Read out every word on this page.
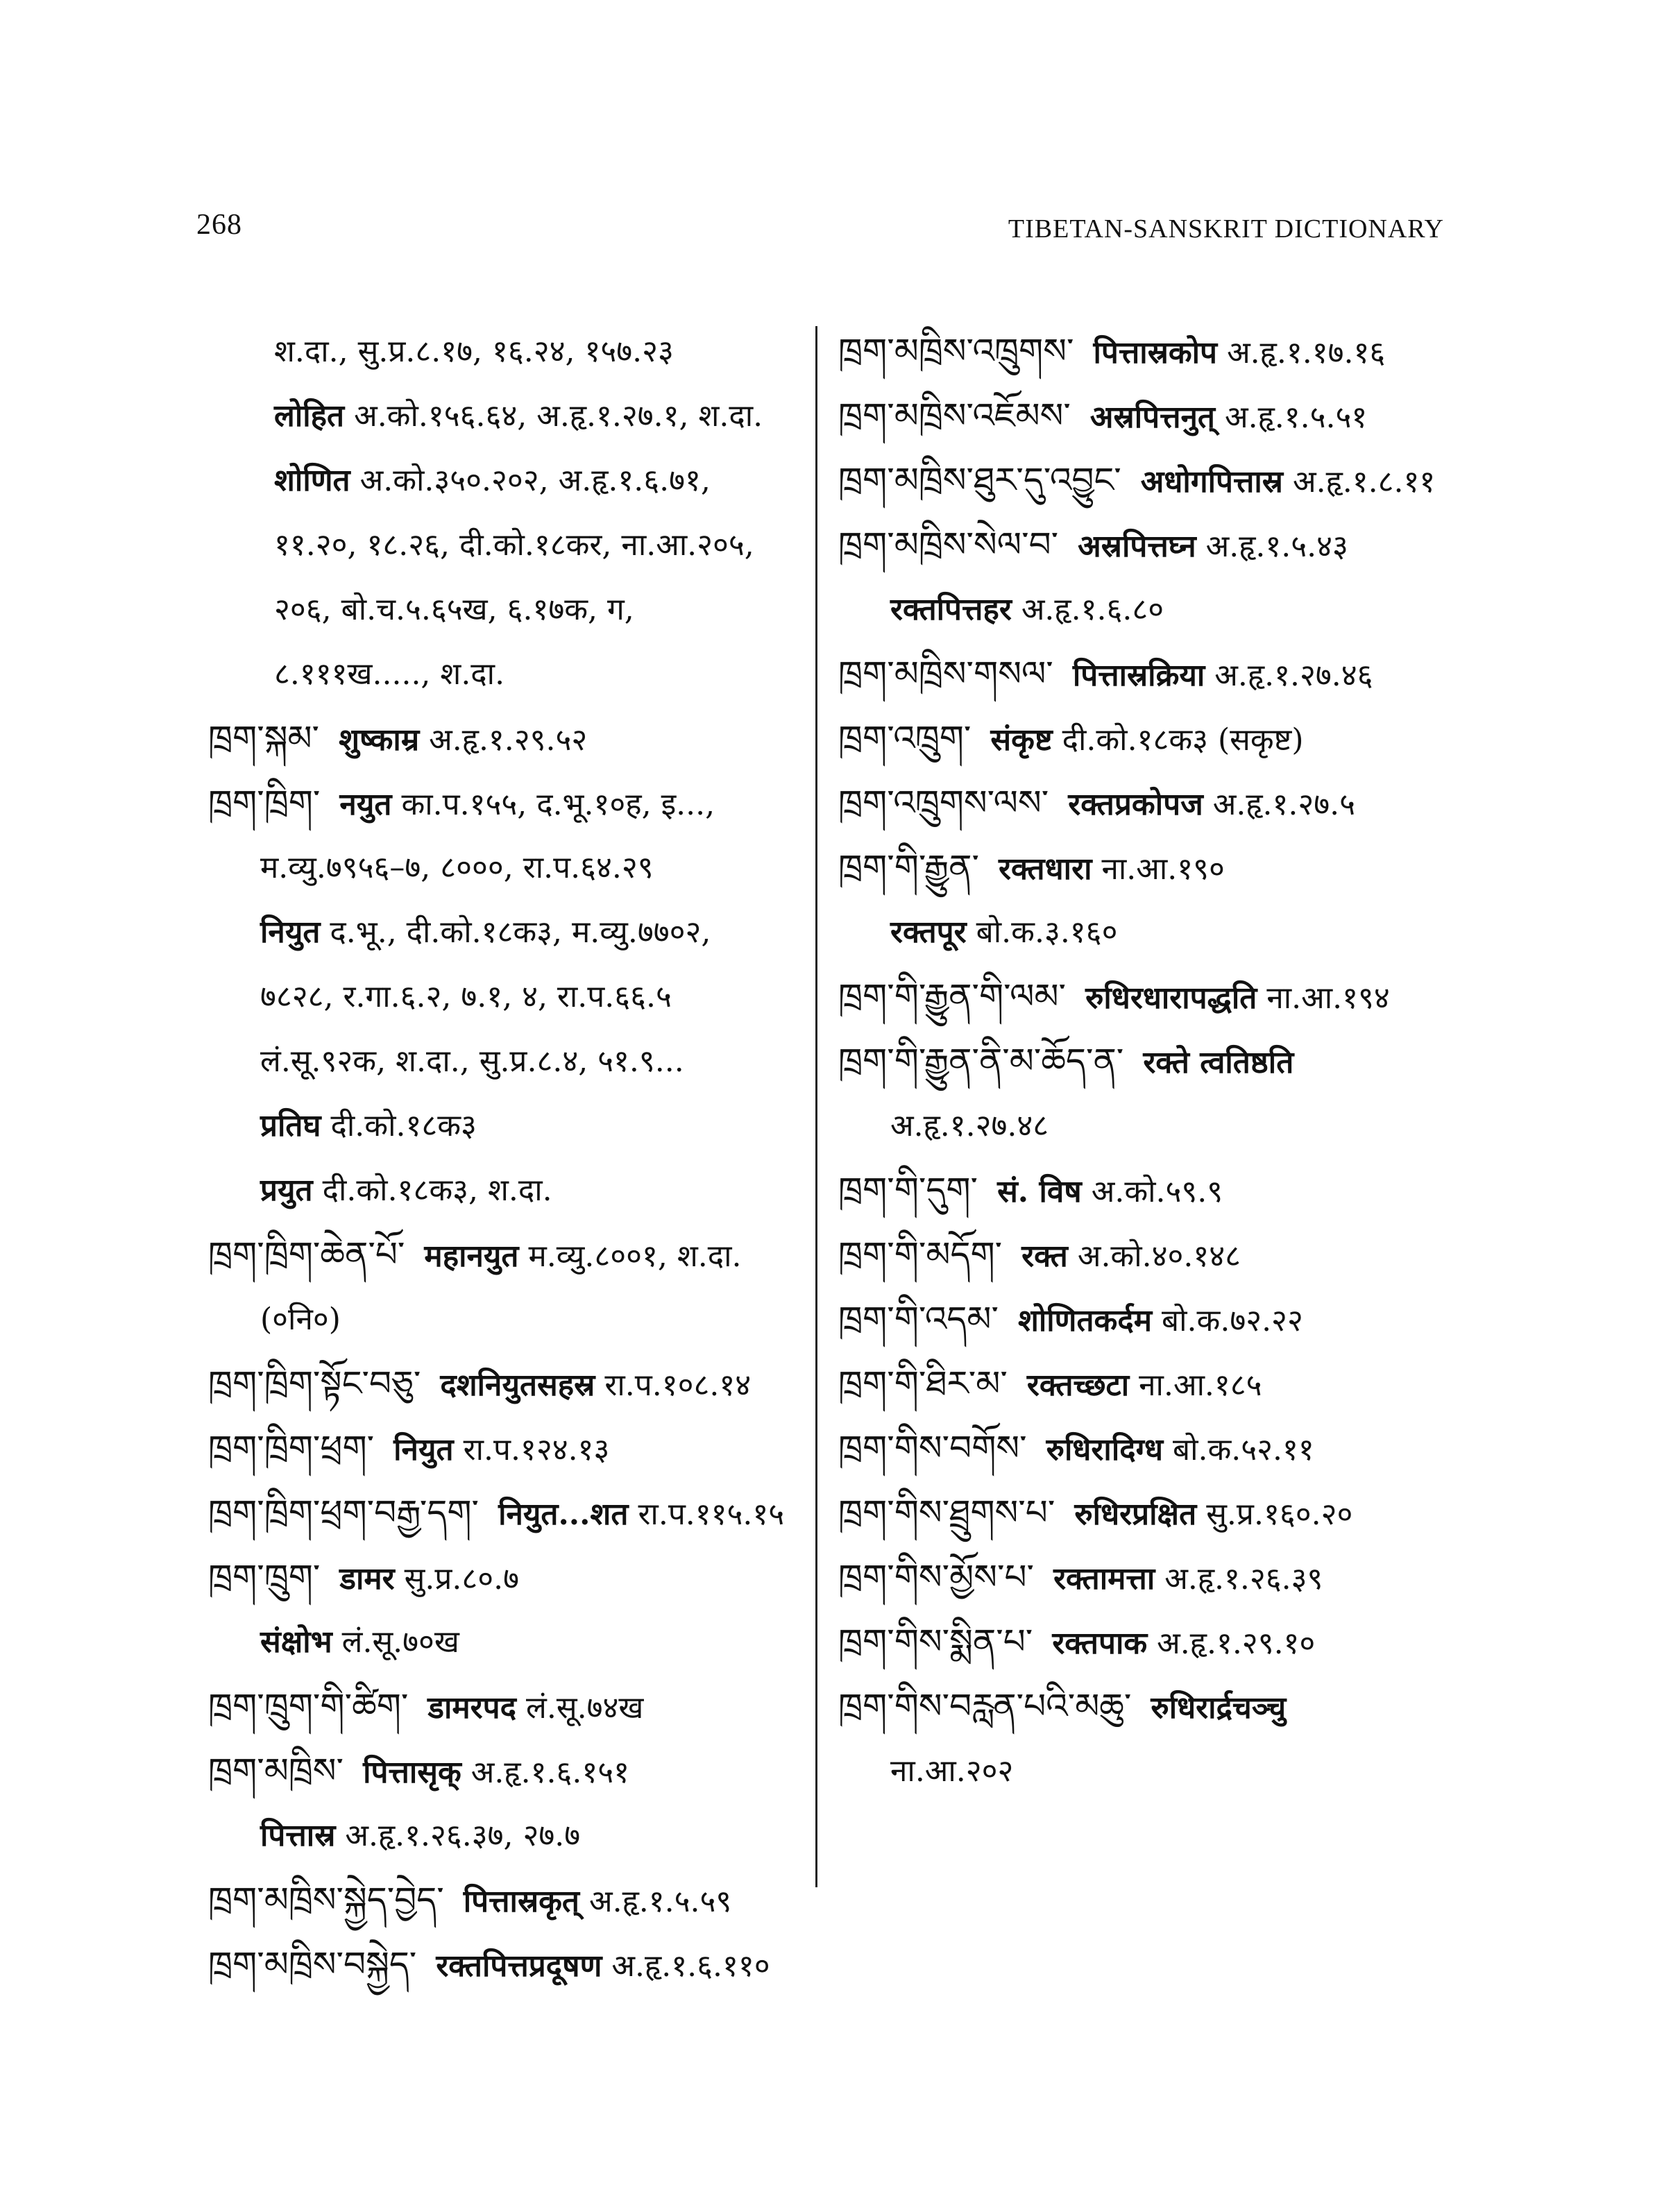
268	TIBETAN-SANSKRIT DICTIONARY
श.दा., सु.प्र.८.१७, १६.२४, १५७.२३
लोहित अ.को.१५६.६४, अ.हृ.१.२७.१, श.दा.
शोणित अ.को.३५०.२०२, अ.हृ.१.६.७१,
११.२०, १८.२६, दी.को.१८कर, ना.आ.२०५,
२०६, बो.च.५.६५ख, ६.१७क, ग,
८.१११ख....., श.दा.
ཁྲག་སྐམ་ शुष्काम्र अ.हृ.१.२९.५२
ཁྲག་ཁྲིག་ नयुत का.प.१५५, द.भू.१०ह, इ...,
म.व्यु.७९५६–७, ८०००, रा.प.६४.२९
नियुत द.भू., दी.को.१८क३, म.व्यु.७७०२,
७८२८, र.गा.६.२, ७.१, ४, रा.प.६६.५
लं.सू.९२क, श.दा., सु.प्र.८.४, ५१.९...
प्रतिघ दी.को.१८क३
प्रयुत दी.को.१८क३, श.दा.
ཁྲག་ཁྲིག་ཆེན་པོ་ महानयुत म.व्यु.८००१, श.दा.
(०नि०)
ཁྲག་ཁྲིག་སྟོང་བཅུ་ दशनियुतसहस्र रा.प.१०८.१४
ཁྲག་ཁྲིག་ཕྲག་ नियुत रा.प.१२४.१३
ཁྲག་ཁྲིག་ཕྲག་བརྒྱ་དག་ नियुत...शत रा.प.११५.१५
ཁྲག་ཁྲུག་ डामर सु.प्र.८०.७
संक्षोभ लं.सू.७०ख
ཁྲག་ཁྲུག་གི་ཚིག་ डामरपद लं.सू.७४ख
ཁྲག་མཁྲིས་ पित्तासृक् अ.हृ.१.६.१५१
पित्तास्र अ.हृ.१.२६.३७, २७.७
ཁྲག་མཁྲིས་སྐྱེད་བྱེད་ पित्तास्रकृत् अ.हृ.१.५.५९
ཁྲག་མཁྲིས་བསྐྱེད་ रक्तपित्तप्रदूषण अ.हृ.१.६.११०
ཁྲག་མཁྲིས་འཁྲུགས་ पित्तास्रकोप अ.हृ.१.१७.१६
ཁྲག་མཁྲིས་འཇོམས་ अस्रपित्तनुत् अ.हृ.१.५.५१
ཁྲག་མཁྲིས་ཐུར་དུ་འབྱུང་ अधोगपित्तास्र अ.हृ.१.८.११
ཁྲག་མཁྲིས་སེལ་བ་ अस्रपित्तघ्न अ.हृ.१.५.४३
रक्तपित्तहर अ.हृ.१.६.८०
ཁྲག་མཁྲིས་གསལ་ पित्तास्रक्रिया अ.हृ.१.२७.४६
ཁྲག་འཁྲུག་ संकृष्ट दी.को.१८क३ (सकृष्ट)
ཁྲག་འཁྲུགས་ལས་ रक्तप्रकोपज अ.हृ.१.२७.५
ཁྲག་གི་རྒྱུན་ रक्तधारा ना.आ.१९०
रक्तपूर बो.क.३.१६०
ཁྲག་གི་རྒྱུན་གི་ལམ་ रुधिरधारापद्धति ना.आ.१९४
ཁྲག་གི་རྒྱུན་ནི་མ་ཆོད་ན་ रक्ते त्वतिष्ठति
अ.हृ.१.२७.४८
ཁྲག་གི་དུག་ सं. विष अ.को.५९.९
ཁྲག་གི་མདོག་ रक्त अ.को.४०.१४८
ཁྲག་གི་འདམ་ शोणितकर्दम बो.क.७२.२२
ཁྲག་གི་ཐིར་མ་ रक्तच्छटा ना.आ.१८५
ཁྲག་གིས་བགོས་ रुधिरादिग्ध बो.क.५२.११
ཁྲག་གིས་ཐྲུགས་པ་ रुधिरप्रक्षित सु.प्र.१६०.२०
ཁྲག་གིས་མྱོས་པ་ रक्तामत्ता अ.हृ.१.२६.३९
ཁྲག་གིས་སྨིན་པ་ रक्तपाक अ.हृ.१.२९.१०
ཁྲག་གིས་བརླན་པའི་མཆུ་ रुधिरार्द्रचञ्चु
ना.आ.२०२
